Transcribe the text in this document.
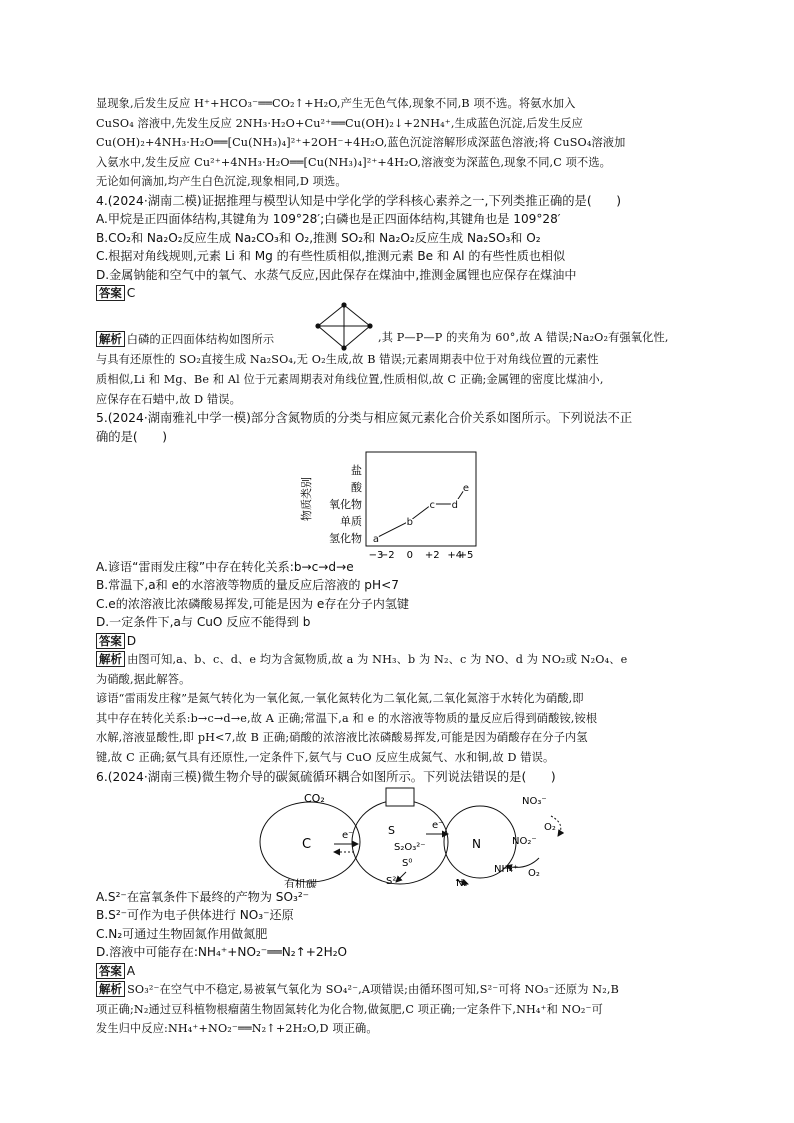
显现象,后发生反应 H⁺+HCO₃⁻══CO₂↑+H₂O,产生无色气体,现象不同,B 项不选。将氨水加入

CuSO₄ 溶液中,先发生反应 2NH₃·H₂O+Cu²⁺══Cu(OH)₂↓+2NH₄⁺,生成蓝色沉淀,后发生反应

Cu(OH)₂+4NH₃·H₂O══[Cu(NH₃)₄]²⁺+2OH⁻+4H₂O,蓝色沉淀溶解形成深蓝色溶液;将 CuSO₄溶液加

入氨水中,发生反应 Cu²⁺+4NH₃·H₂O══[Cu(NH₃)₄]²⁺+4H₂O,溶液变为深蓝色,现象不同,C 项不选。

无论如何滴加,均产生白色沉淀,现象相同,D 项选。

4.(2024·湖南二模)证据推理与模型认知是中学化学的学科核心素养之一,下列类推正确的是(　　)

A.甲烷是正四面体结构,其键角为 109°28′;白磷也是正四面体结构,其键角也是 109°28′

B.CO₂和 Na₂O₂反应生成 Na₂CO₃和 O₂,推测 SO₂和 Na₂O₂反应生成 Na₂SO₃和 O₂

C.根据对角线规则,元素 Li 和 Mg 的有些性质相似,推测元素 Be 和 Al 的有些性质也相似

D.金属钠能和空气中的氧气、水蒸气反应,因此保存在煤油中,推测金属锂也应保存在煤油中

答案 C

解析 白磷的正四面体结构如图所示	,其 P—P—P 的夹角为 60°,故 A 错误;Na₂O₂有强氧化性,

与具有还原性的 SO₂直接生成 Na₂SO₄,无 O₂生成,故 B 错误;元素周期表中位于对角线位置的元素性

质相似,Li 和 Mg、Be 和 Al 位于元素周期表对角线位置,性质相似,故 C 正确;金属锂的密度比煤油小,

应保存在石蜡中,故 D 错误。

5.(2024·湖南雅礼中学一模)部分含氮物质的分类与相应氮元素化合价关系如图所示。下列说法不正

确的是(　　)

氢化物
单质
氧化物
酸
盐
物质类别
−3
−2 0 +2 +4
+5
a
b
c d
e

A.谚语“雷雨发庄稼”中存在转化关系:b→c→d→e

B.常温下,a和 e的水溶液等物质的量反应后溶液的 pH<7

C.e的浓溶液比浓磷酸易挥发,可能是因为 e存在分子内氢键

D.一定条件下,a与 CuO 反应不能得到 b

答案 D

解析 由图可知,a、b、c、d、e 均为含氮物质,故 a 为 NH₃、b 为 N₂、c 为 NO、d 为 NO₂或 N₂O₄、e

为硝酸,据此解答。

谚语“雷雨发庄稼”是氮气转化为一氧化氮,一氧化氮转化为二氧化氮,二氧化氮溶于水转化为硝酸,即

其中存在转化关系:b→c→d→e,故 A 正确;常温下,a 和 e 的水溶液等物质的量反应后得到硝酸铵,铵根

水解,溶液显酸性,即 pH<7,故 B 正确;硝酸的浓溶液比浓磷酸易挥发,可能是因为硝酸存在分子内氢

键,故 C 正确;氨气具有还原性,一定条件下,氨气与 CuO 反应生成氮气、水和铜,故 D 错误。

6.(2024·湖南三模)微生物介导的碳氮硫循环耦合如图所示。下列说法错误的是(　　)

CO₂
C
有机碳
e⁻	S
S₂O₃²⁻
S⁰
S²⁻
e⁻
N
NO₃⁻
O₂
NO₂⁻
NH₄⁺ O₂
N₂

A.S²⁻在富氧条件下最终的产物为 SO₃²⁻

B.S²⁻可作为电子供体进行 NO₃⁻还原

C.N₂可通过生物固氮作用做氮肥

D.溶液中可能存在:NH₄⁺+NO₂⁻══N₂↑+2H₂O

答案 A

解析 SO₃²⁻在空气中不稳定,易被氧气氧化为 SO₄²⁻,A项错误;由循环图可知,S²⁻可将 NO₃⁻还原为 N₂,B

项正确;N₂通过豆科植物根瘤菌生物固氮转化为化合物,做氮肥,C 项正确;一定条件下,NH₄⁺和 NO₂⁻可

发生归中反应:NH₄⁺+NO₂⁻══N₂↑+2H₂O,D 项正确。
